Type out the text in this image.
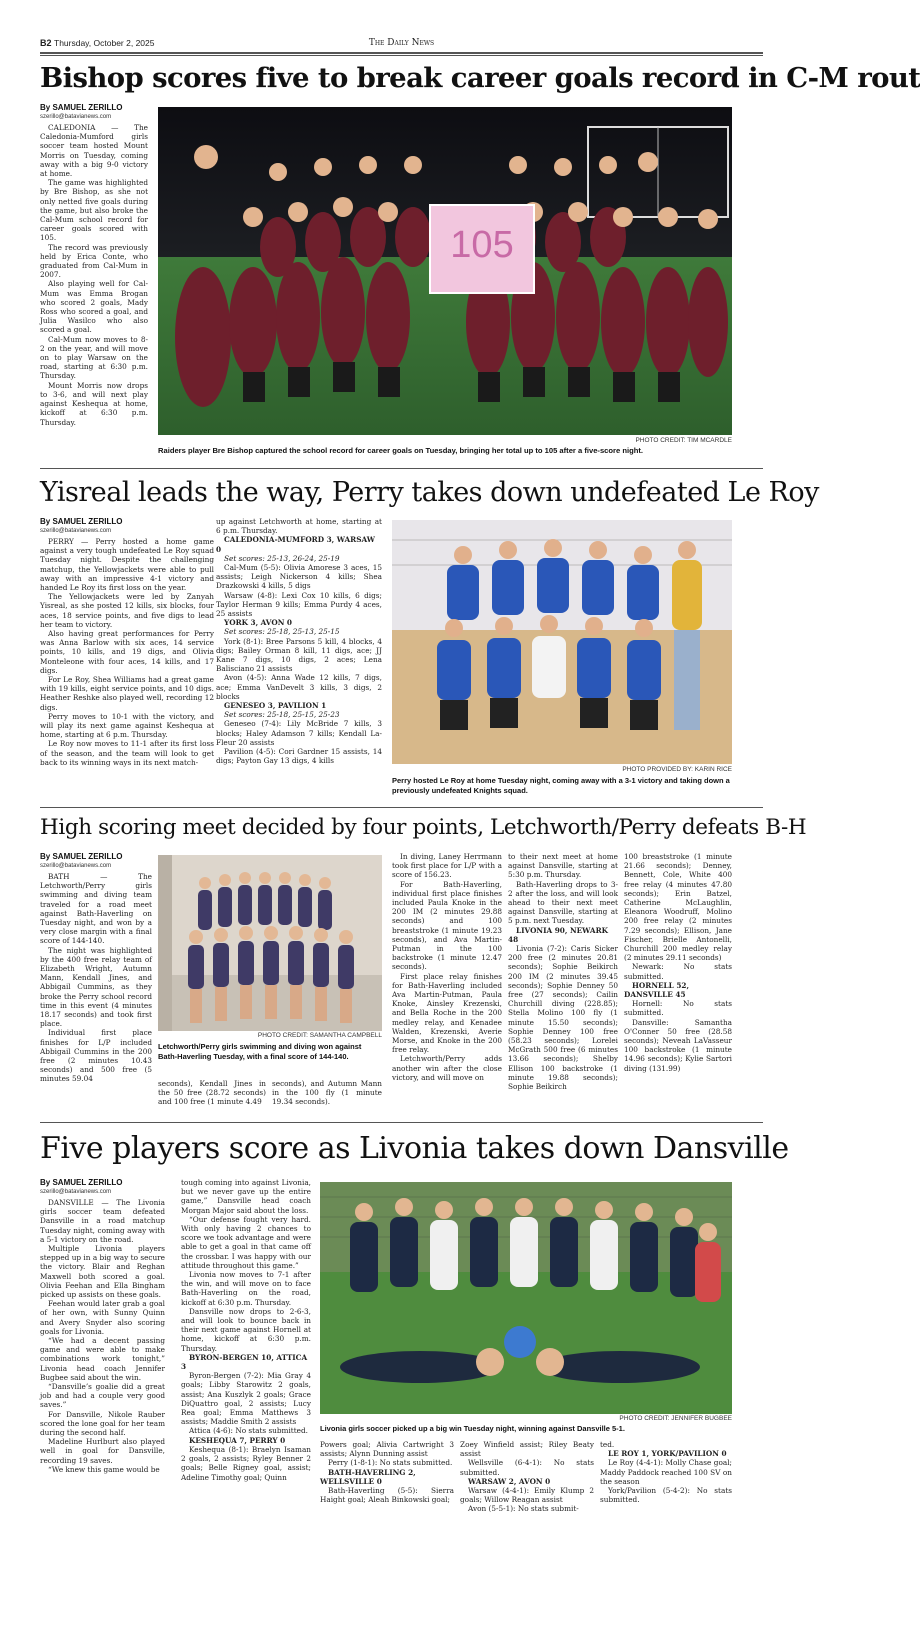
B2 Thursday, October 2, 2025	The Daily News
Bishop scores five to break career goals record in C-M rout
By SAMUEL ZERILLO
szerillo@batavianews.com

CALEDONIA — The Caledonia-Mumford girls soccer team hosted Mount Morris on Tuesday, coming away with a big 9-0 victory at home.

The game was highlighted by Bre Bishop, as she not only netted five goals during the game, but also broke the Cal-Mum school record for career goals scored with 105.

The record was previously held by Erica Conte, who graduated from Cal-Mum in 2007.

Also playing well for Cal-Mum was Emma Brogan who scored 2 goals, Mady Ross who scored a goal, and Julia Wasilco who also scored a goal.

Cal-Mum now moves to 8-2 on the year, and will move on to play Warsaw on the road, starting at 6:30 p.m. Thursday.

Mount Morris now drops to 3-6, and will next play against Keshequa at home, kickoff at 6:30 p.m. Thursday.

105
PHOTO CREDIT: TIM MCARDLE
Raiders player Bre Bishop captured the school record for career goals on Tuesday, bringing her total up to 105 after a five-score night.
Yisreal leads the way, Perry takes down undefeated Le Roy
By SAMUEL ZERILLO
szerillo@batavianews.com

PERRY — Perry hosted a home game against a very tough undefeated Le Roy squad Tuesday night. Despite the challenging matchup, the Yellowjackets were able to pull away with an impressive 4-1 victory and handed Le Roy its first loss on the year.

The Yellowjackets were led by Zanyah Yisreal, as she posted 12 kills, six blocks, four aces, 18 service points, and five digs to lead her team to victory.

Also having great performances for Perry was Anna Barlow with six aces, 14 service points, 10 kills, and 19 digs, and Olivia Monteleone with four aces, 14 kills, and 17 digs.

For Le Roy, Shea Williams had a great game with 19 kills, eight service points, and 10 digs. Heather Reshke also played well, recording 12 digs.

Perry moves to 10-1 with the victory, and will play its next game against Keshequa at home, starting at 6 p.m. Thursday.

Le Roy now moves to 11-1 after its first loss of the season, and the team will look to get back to its winning ways in its next match-

up against Letchworth at home, starting at 6 p.m. Thursday.

CALEDONIA-MUMFORD 3, WARSAW 0

Set scores: 25-13, 26-24, 25-19

Cal-Mum (5-5): Olivia Amorese 3 aces, 15 assists; Leigh Nickerson 4 kills; Shea Drazkowski 4 kills, 5 digs

Warsaw (4-8): Lexi Cox 10 kills, 6 digs; Taylor Herman 9 kills; Emma Purdy 4 aces, 25 assists

YORK 3, AVON 0

Set scores: 25-18, 25-13, 25-15

York (8-1): Bree Parsons 5 kill, 4 blocks, 4 digs; Bailey Orman 8 kill, 11 digs, ace; JJ Kane 7 digs, 10 digs, 2 aces; Lena Balisciano 21 assists

Avon (4-5): Anna Wade 12 kills, 7 digs, ace; Emma VanDevelt 3 kills, 3 digs, 2 blocks

GENESEO 3, PAVILION 1

Set scores: 25-18, 25-15, 25-23

Geneseo (7-4): Lily McBride 7 kills, 3 blocks; Haley Adamson 7 kills; Kendall La-Fleur 20 assists

Pavilion (4-5): Cori Gardner 15 assists, 14 digs; Payton Gay 13 digs, 4 kills

PHOTO PROVIDED BY: KARIN RICE
Perry hosted Le Roy at home Tuesday night, coming away with a 3-1 victory and taking down a previously undefeated Knights squad.
High scoring meet decided by four points, Letchworth/Perry defeats B-H
By SAMUEL ZERILLO
szerillo@batavianews.com

BATH — The Letchworth/Perry girls swimming and diving team traveled for a road meet against Bath-Haverling on Tuesday night, and won by a very close margin with a final score of 144-140.

The night was highlighted by the 400 free relay team of Elizabeth Wright, Autumn Mann, Kendall Jines, and Abbigail Cummins, as they broke the Perry school record time in this event (4 minutes 18.17 seconds) and took first place.

Individual first place finishes for L/P included Abbigail Cummins in the 200 free (2 minutes 10.43 seconds) and 500 free (5 minutes 59.04

PHOTO CREDIT: SAMANTHA CAMPBELL
Letchworth/Perry girls swimming and diving won against Bath-Haverling Tuesday, with a final score of 144-140.

seconds), Kendall Jines in the 50 free (28.72 seconds) and 100 free (1 minute 4.49

seconds), and Autumn Mann in the 100 fly (1 minute 19.34 seconds).

In diving, Laney Herrmann took first place for L/P with a score of 156.23.

For Bath-Haverling, individual first place finishes included Paula Knoke in the 200 IM (2 minutes 29.88 seconds) and 100 breaststroke (1 minute 19.23 seconds), and Ava Martin-Putman in the 100 backstroke (1 minute 12.47 seconds).

First place relay finishes for Bath-Haverling included Ava Martin-Putman, Paula Knoke, Ainsley Krezenski, and Bella Roche in the 200 medley relay, and Kenadee Walden, Krezenski, Averie Morse, and Knoke in the 200 free relay.

Letchworth/Perry adds another win after the close victory, and will move on

to their next meet at home against Dansville, starting at 5:30 p.m. Thursday.

Bath-Haverling drops to 3-2 after the loss, and will look ahead to their next meet against Dansville, starting at 5 p.m. next Tuesday.

LIVONIA 90, NEWARK 48

Livonia (7-2): Caris Sicker 200 free (2 minutes 20.81 seconds); Sophie Beikirch 200 IM (2 minutes 39.45 seconds); Sophie Denney 50 free (27 seconds); Cailin Churchill diving (228.85); Stella Molino 100 fly (1 minute 15.50 seconds); Sophie Denney 100 free (58.23 seconds); Lorelei McGrath 500 free (6 minutes 13.66 seconds); Shelby Ellison 100 backstroke (1 minute 19.88 seconds); Sophie Beikirch

100 breaststroke (1 minute 21.66 seconds); Denney, Bennett, Cole, White 400 free relay (4 minutes 47.80 seconds); Erin Batzel, Catherine McLaughlin, Eleanora Woodruff, Molino 200 free relay (2 minutes 7.29 seconds); Ellison, Jane Fischer, Brielle Antonelli, Churchill 200 medley relay (2 minutes 29.11 seconds)

Newark: No stats submitted.

HORNELL 52, DANSVILLE 45

Hornell: No stats submitted.

Dansville: Samantha O'Conner 50 free (28.58 seconds); Neveah LaVasseur 100 backstroke (1 minute 14.96 seconds); Kylie Sartori diving (131.99)

Five players score as Livonia takes down Dansville
By SAMUEL ZERILLO
szerillo@batavianews.com

DANSVILLE — The Livonia girls soccer team defeated Dansville in a road matchup Tuesday night, coming away with a 5-1 victory on the road.

Multiple Livonia players stepped up in a big way to secure the victory. Blair and Reghan Maxwell both scored a goal. Olivia Feehan and Ella Bingham picked up assists on these goals.

Feehan would later grab a goal of her own, with Sunny Quinn and Avery Snyder also scoring goals for Livonia.

“We had a decent passing game and were able to make combinations work tonight,” Livonia head coach Jennifer Bugbee said about the win.

“Dansville’s goalie did a great job and had a couple very good saves.”

For Dansville, Nikole Rauber scored the lone goal for her team during the second half.

Madeline Hurlburt also played well in goal for Dansville, recording 19 saves.

“We knew this game would be

tough coming into against Livonia, but we never gave up the entire game,” Dansville head coach Morgan Major said about the loss.

“Our defense fought very hard. With only having 2 chances to score we took advantage and were able to get a goal in that came off the crossbar. I was happy with our attitude throughout this game.”

Livonia now moves to 7-1 after the win, and will move on to face Bath-Haverling on the road, kickoff at 6:30 p.m. Thursday.

Dansville now drops to 2-6-3, and will look to bounce back in their next game against Hornell at home, kickoff at 6:30 p.m. Thursday.

BYRON-BERGEN 10, ATTICA 3

Byron-Bergen (7-2): Mia Gray 4 goals; Libby Starowitz 2 goals, assist; Ana Kuszlyk 2 goals; Grace DiQuattro goal, 2 assists; Lucy Rea goal; Emma Matthews 3 assists; Maddie Smith 2 assists

Attica (4-6): No stats submitted.

KESHEQUA 7, PERRY 0

Keshequa (8-1): Braelyn Isaman 2 goals, 2 assists; Ryley Benner 2 goals; Belle Rigney goal, assist; Adeline Timothy goal; Quinn

PHOTO CREDIT: JENNIFER BUGBEE
Livonia girls soccer picked up a big win Tuesday night, winning against Dansville 5-1.

Powers goal; Alivia Cartwright 3 assists; Alynn Dunning assist

Perry (1-8-1): No stats submitted.

BATH-HAVERLING 2, WELLSVILLE 0

Bath-Haverling (5-5): Sierra Haight goal; Aleah Binkowski goal;

Zoey Winfield assist; Riley Beaty assist

Wellsville (6-4-1): No stats submitted.

WARSAW 2, AVON 0

Warsaw (4-4-1): Emily Klump 2 goals; Willow Reagan assist

Avon (5-5-1): No stats submit-

ted.

LE ROY 1, YORK/PAVILION 0

Le Roy (4-4-1): Molly Chase goal; Maddy Paddock reached 100 SV on the season

York/Pavilion (5-4-2): No stats submitted.
